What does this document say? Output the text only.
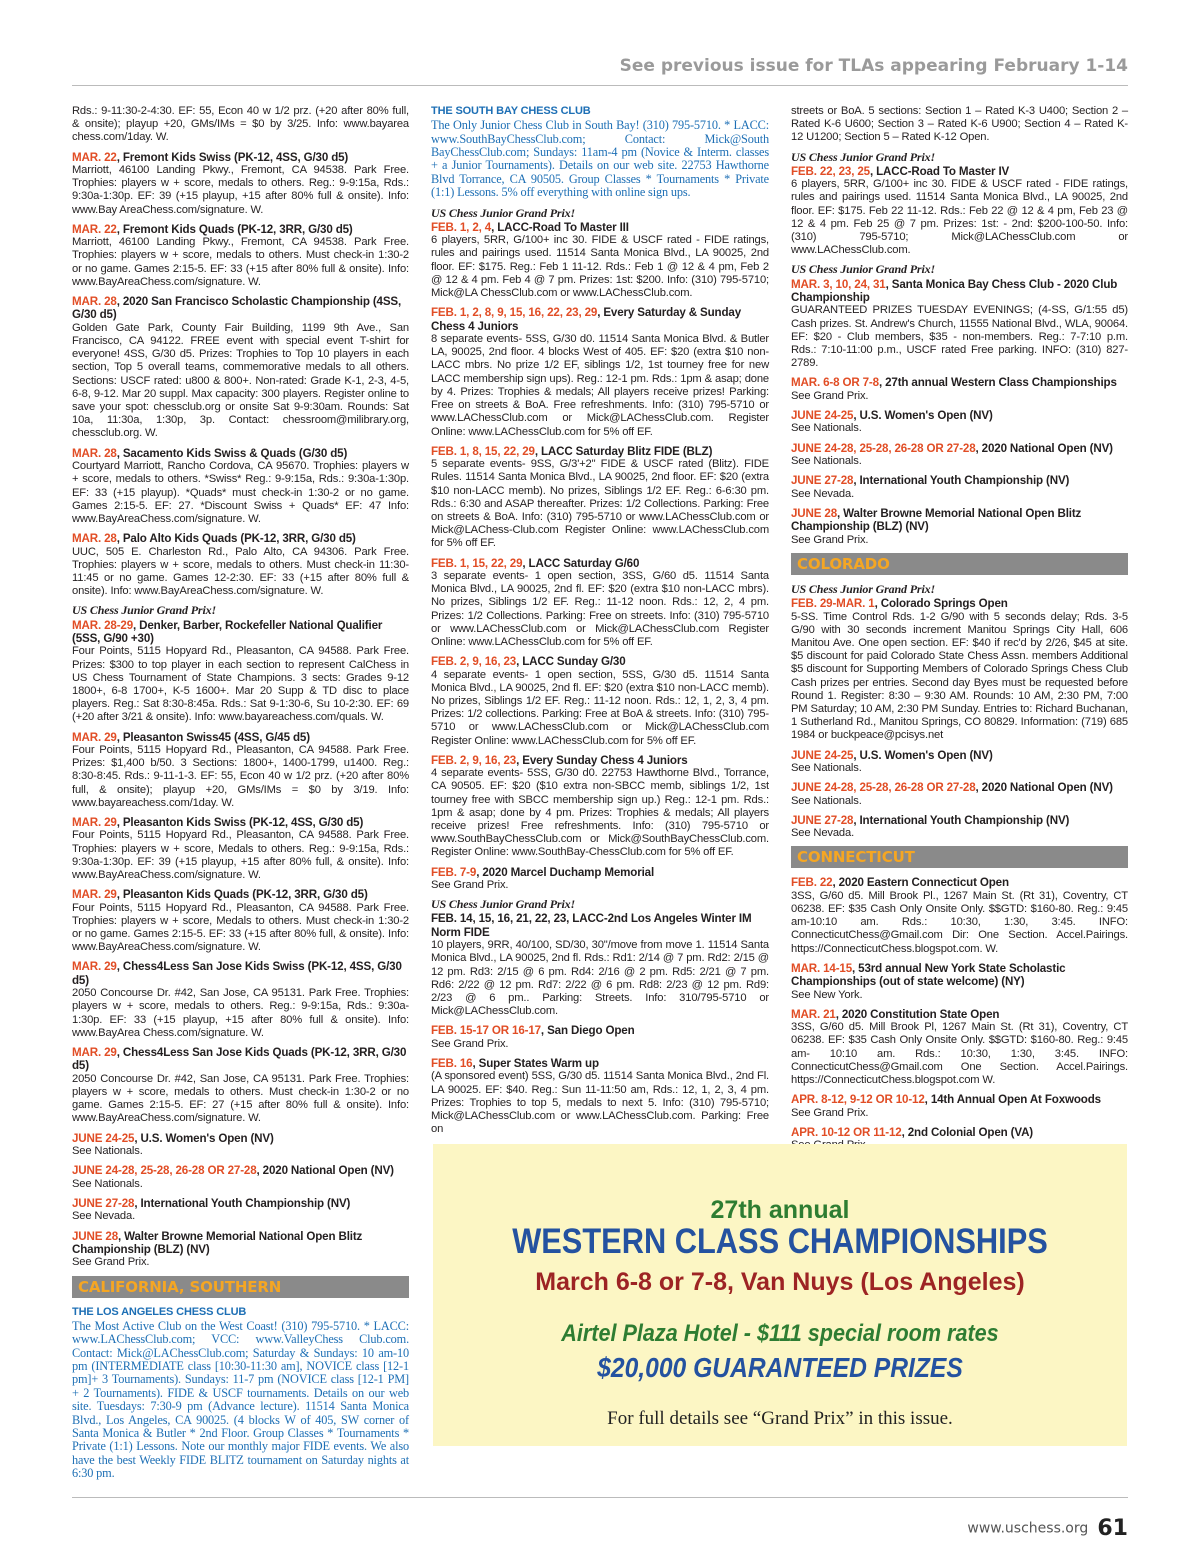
See previous issue for TLAs appearing February 1-14
Rds.: 9-11:30-2-4:30. EF: 55, Econ 40 w 1/2 prz. (+20 after 80% full, & onsite); playup +20, GMs/IMs = $0 by 3/25. Info: www.bayarea chess.com/1day. W.
MAR. 22, Fremont Kids Swiss (PK-12, 4SS, G/30 d5)
Marriott, 46100 Landing Pkwy., Fremont, CA 94538. Park Free. Trophies: players w + score, medals to others. Reg.: 9-9:15a, Rds.: 9:30a-1:30p. EF: 39 (+15 playup, +15 after 80% full & onsite). Info: www.Bay AreaChess.com/signature. W.
MAR. 22, Fremont Kids Quads (PK-12, 3RR, G/30 d5)
Marriott, 46100 Landing Pkwy., Fremont, CA 94538. Park Free. Trophies: players w + score, medals to others. Must check-in 1:30-2 or no game. Games 2:15-5. EF: 33 (+15 after 80% full & onsite). Info: www.BayAreaChess.com/signature. W.
MAR. 28, 2020 San Francisco Scholastic Championship (4SS, G/30 d5)
Golden Gate Park, County Fair Building, 1199 9th Ave., San Francisco, CA 94122. FREE event with special event T-shirt for everyone! 4SS, G/30 d5. Prizes: Trophies to Top 10 players in each section, Top 5 overall teams, commemorative medals to all others. Sections: USCF rated: u800 & 800+. Non-rated: Grade K-1, 2-3, 4-5, 6-8, 9-12. Mar 20 suppl. Max capacity: 300 players. Register online to save your spot: chessclub.org or onsite Sat 9-9:30am. Rounds: Sat 10a, 11:30a, 1:30p, 3p. Contact: chessroom@milibrary.org, chessclub.org. W.
MAR. 28, Sacamento Kids Swiss & Quads (G/30 d5)
Courtyard Marriott, Rancho Cordova, CA 95670. Trophies: players w + score, medals to others. *Swiss* Reg.: 9-9:15a, Rds.: 9:30a-1:30p. EF: 33 (+15 playup). *Quads* must check-in 1:30-2 or no game. Games 2:15-5. EF: 27. *Discount Swiss + Quads* EF: 47 Info: www.BayAreaChess.com/signature. W.
MAR. 28, Palo Alto Kids Quads (PK-12, 3RR, G/30 d5)
UUC, 505 E. Charleston Rd., Palo Alto, CA 94306. Park Free. Trophies: players w + score, medals to others. Must check-in 11:30-11:45 or no game. Games 12-2:30. EF: 33 (+15 after 80% full & onsite). Info: www.BayAreaChess.com/signature. W.
US Chess Junior Grand Prix!
MAR. 28-29, Denker, Barber, Rockefeller National Qualifier (5SS, G/90 +30)
Four Points, 5115 Hopyard Rd., Pleasanton, CA 94588. Park Free. Prizes: $300 to top player in each section to represent CalChess in US Chess Tournament of State Champions. 3 sects: Grades 9-12 1800+, 6-8 1700+, K-5 1600+. Mar 20 Supp & TD disc to place players. Reg.: Sat 8:30-8:45a. Rds.: Sat 9-1:30-6, Su 10-2:30. EF: 69 (+20 after 3/21 & onsite). Info: www.bayareachess.com/quals. W.
MAR. 29, Pleasanton Swiss45 (4SS, G/45 d5)
Four Points, 5115 Hopyard Rd., Pleasanton, CA 94588. Park Free. Prizes: $1,400 b/50. 3 Sections: 1800+, 1400-1799, u1400. Reg.: 8:30-8:45. Rds.: 9-11-1-3. EF: 55, Econ 40 w 1/2 prz. (+20 after 80% full, & onsite); playup +20, GMs/IMs = $0 by 3/19. Info: www.bayareachess.com/1day. W.
MAR. 29, Pleasanton Kids Swiss (PK-12, 4SS, G/30 d5)
Four Points, 5115 Hopyard Rd., Pleasanton, CA 94588. Park Free. Trophies: players w + score, Medals to others. Reg.: 9-9:15a, Rds.: 9:30a-1:30p. EF: 39 (+15 playup, +15 after 80% full, & onsite). Info: www.BayAreaChess.com/signature. W.
MAR. 29, Pleasanton Kids Quads (PK-12, 3RR, G/30 d5)
Four Points, 5115 Hopyard Rd., Pleasanton, CA 94588. Park Free. Trophies: players w + score, Medals to others. Must check-in 1:30-2 or no game. Games 2:15-5. EF: 33 (+15 after 80% full, & onsite). Info: www.BayAreaChess.com/signature. W.
MAR. 29, Chess4Less San Jose Kids Swiss (PK-12, 4SS, G/30 d5)
2050 Concourse Dr. #42, San Jose, CA 95131. Park Free. Trophies: players w + score, medals to others. Reg.: 9-9:15a, Rds.: 9:30a-1:30p. EF: 33 (+15 playup, +15 after 80% full & onsite). Info: www.BayArea Chess.com/signature. W.
MAR. 29, Chess4Less San Jose Kids Quads (PK-12, 3RR, G/30 d5)
2050 Concourse Dr. #42, San Jose, CA 95131. Park Free. Trophies: players w + score, medals to others. Must check-in 1:30-2 or no game. Games 2:15-5. EF: 27 (+15 after 80% full & onsite). Info: www.BayAreaChess.com/signature. W.
JUNE 24-25, U.S. Women's Open (NV)
See Nationals.
JUNE 24-28, 25-28, 26-28 OR 27-28, 2020 National Open (NV)
See Nationals.
JUNE 27-28, International Youth Championship (NV)
See Nevada.
JUNE 28, Walter Browne Memorial National Open Blitz Championship (BLZ) (NV)
See Grand Prix.
CALIFORNIA, SOUTHERN
THE LOS ANGELES CHESS CLUB
The Most Active Club on the West Coast! (310) 795-5710. * LACC: www.LAChessClub.com; VCC: www.ValleyChess Club.com. Contact: Mick@LAChessClub.com; Saturday & Sundays: 10 am-10 pm (INTERMEDIATE class [10:30-11:30 am], NOVICE class [12-1 pm]+ 3 Tournaments). Sundays: 11-7 pm (NOVICE class [12-1 PM] + 2 Tournaments). FIDE & USCF tournaments. Details on our web site. Tuesdays: 7:30-9 pm (Advance lecture). 11514 Santa Monica Blvd., Los Angeles, CA 90025. (4 blocks W of 405, SW corner of Santa Monica & Butler * 2nd Floor. Group Classes * Tournaments * Private (1:1) Lessons. Note our monthly major FIDE events. We also have the best Weekly FIDE BLITZ tournament on Saturday nights at 6:30 pm.
THE SOUTH BAY CHESS CLUB
The Only Junior Chess Club in South Bay! (310) 795-5710. * LACC: www.SouthBayChessClub.com; Contact: Mick@South BayChessClub.com; Sundays: 11am-4 pm (Novice & Interm. classes + a Junior Tournaments). Details on our web site. 22753 Hawthorne Blvd Torrance, CA 90505. Group Classes * Tournaments * Private (1:1) Lessons. 5% off everything with online sign ups.
US Chess Junior Grand Prix!
FEB. 1, 2, 4, LACC-Road To Master III
6 players, 5RR, G/100+ inc 30. FIDE & USCF rated - FIDE ratings, rules and pairings used. 11514 Santa Monica Blvd., LA 90025, 2nd floor. EF: $175. Reg.: Feb 1 11-12. Rds.: Feb 1 @ 12 & 4 pm, Feb 2 @ 12 & 4 pm. Feb 4 @ 7 pm. Prizes: 1st: $200. Info: (310) 795-5710; Mick@LA ChessClub.com or www.LAChessClub.com.
FEB. 1, 2, 8, 9, 15, 16, 22, 23, 29, Every Saturday & Sunday Chess 4 Juniors
8 separate events- 5SS, G/30 d0. 11514 Santa Monica Blvd. & Butler LA, 90025, 2nd floor. 4 blocks West of 405. EF: $20 (extra $10 non-LACC mbrs. No prize 1/2 EF, siblings 1/2, 1st tourney free for new LACC membership sign ups). Reg.: 12-1 pm. Rds.: 1pm & asap; done by 4. Prizes: Trophies & medals; All players receive prizes! Parking: Free on streets & BoA. Free refreshments. Info: (310) 795-5710 or www.LAChessClub.com or Mick@LAChessClub.com. Register Online: www.LAChessClub.com for 5% off EF.
FEB. 1, 8, 15, 22, 29, LACC Saturday Blitz FIDE (BLZ)
5 separate events- 9SS, G/3'+2" FIDE & USCF rated (Blitz). FIDE Rules. 11514 Santa Monica Blvd., LA 90025, 2nd floor. EF: $20 (extra $10 non-LACC memb). No prizes, Siblings 1/2 EF. Reg.: 6-6:30 pm. Rds.: 6:30 and ASAP thereafter. Prizes: 1/2 Collections. Parking: Free on streets & BoA. Info: (310) 795-5710 or www.LAChessClub.com or Mick@LAChess-Club.com Register Online: www.LAChessClub.com for 5% off EF.
FEB. 1, 15, 22, 29, LACC Saturday G/60
3 separate events- 1 open section, 3SS, G/60 d5. 11514 Santa Monica Blvd., LA 90025, 2nd fl. EF: $20 (extra $10 non-LACC mbrs). No prizes, Siblings 1/2 EF. Reg.: 11-12 noon. Rds.: 12, 2, 4 pm. Prizes: 1/2 Collections. Parking: Free on streets. Info: (310) 795-5710 or www.LAChessClub.com or Mick@LAChessClub.com Register Online: www.LAChessClub.com for 5% off EF.
FEB. 2, 9, 16, 23, LACC Sunday G/30
4 separate events- 1 open section, 5SS, G/30 d5. 11514 Santa Monica Blvd., LA 90025, 2nd fl. EF: $20 (extra $10 non-LACC memb). No prizes, Siblings 1/2 EF. Reg.: 11-12 noon. Rds.: 12, 1, 2, 3, 4 pm. Prizes: 1/2 collections. Parking: Free at BoA & streets. Info: (310) 795-5710 or www.LAChessClub.com or Mick@LAChessClub.com Register Online: www.LAChessClub.com for 5% off EF.
FEB. 2, 9, 16, 23, Every Sunday Chess 4 Juniors
4 separate events- 5SS, G/30 d0. 22753 Hawthorne Blvd., Torrance, CA 90505. EF: $20 ($10 extra non-SBCC memb, siblings 1/2, 1st tourney free with SBCC membership sign up.) Reg.: 12-1 pm. Rds.: 1pm & asap; done by 4 pm. Prizes: Trophies & medals; All players receive prizes! Free refreshments. Info: (310) 795-5710 or www.SouthBayChessClub.com or Mick@SouthBayChessClub.com. Register Online: www.SouthBay-ChessClub.com for 5% off EF.
FEB. 7-9, 2020 Marcel Duchamp Memorial
See Grand Prix.
US Chess Junior Grand Prix!
FEB. 14, 15, 16, 21, 22, 23, LACC-2nd Los Angeles Winter IM Norm FIDE
10 players, 9RR, 40/100, SD/30, 30"/move from move 1. 11514 Santa Monica Blvd., LA 90025, 2nd fl. Rds.: Rd1: 2/14 @ 7 pm. Rd2: 2/15 @ 12 pm. Rd3: 2/15 @ 6 pm. Rd4: 2/16 @ 2 pm. Rd5: 2/21 @ 7 pm. Rd6: 2/22 @ 12 pm. Rd7: 2/22 @ 6 pm. Rd8: 2/23 @ 12 pm. Rd9: 2/23 @ 6 pm.. Parking: Streets. Info: 310/795-5710 or Mick@LAChessClub.com.
FEB. 15-17 OR 16-17, San Diego Open
See Grand Prix.
FEB. 16, Super States Warm up
(A sponsored event) 5SS, G/30 d5. 11514 Santa Monica Blvd., 2nd Fl. LA 90025. EF: $40. Reg.: Sun 11-11:50 am, Rds.: 12, 1, 2, 3, 4 pm. Prizes: Trophies to top 5, medals to next 5. Info: (310) 795-5710; Mick@LAChessClub.com or www.LAChessClub.com. Parking: Free on
streets or BoA. 5 sections: Section 1 – Rated K-3 U400; Section 2 – Rated K-6 U600; Section 3 – Rated K-6 U900; Section 4 – Rated K-12 U1200; Section 5 – Rated K-12 Open.
US Chess Junior Grand Prix!
FEB. 22, 23, 25, LACC-Road To Master IV
6 players, 5RR, G/100+ inc 30. FIDE & USCF rated - FIDE ratings, rules and pairings used. 11514 Santa Monica Blvd., LA 90025, 2nd floor. EF: $175. Feb 22 11-12. Rds.: Feb 22 @ 12 & 4 pm, Feb 23 @ 12 & 4 pm. Feb 25 @ 7 pm. Prizes: 1st: - 2nd: $200-100-50. Info: (310) 795-5710; Mick@LAChessClub.com or www.LAChessClub.com.
US Chess Junior Grand Prix!
MAR. 3, 10, 24, 31, Santa Monica Bay Chess Club - 2020 Club Championship
GUARANTEED PRIZES TUESDAY EVENINGS; (4-SS, G/1:55 d5) Cash prizes. St. Andrew's Church, 11555 National Blvd., WLA, 90064. EF: $20 - Club members, $35 - non-members. Reg.: 7-7:10 p.m. Rds.: 7:10-11:00 p.m., USCF rated Free parking. INFO: (310) 827-2789.
MAR. 6-8 OR 7-8, 27th annual Western Class Championships
See Grand Prix.
JUNE 24-25, U.S. Women's Open (NV)
See Nationals.
JUNE 24-28, 25-28, 26-28 OR 27-28, 2020 National Open (NV)
See Nationals.
JUNE 27-28, International Youth Championship (NV)
See Nevada.
JUNE 28, Walter Browne Memorial National Open Blitz Championship (BLZ) (NV)
See Grand Prix.
COLORADO
US Chess Junior Grand Prix!
FEB. 29-MAR. 1, Colorado Springs Open
5-SS. Time Control Rds. 1-2 G/90 with 5 seconds delay; Rds. 3-5 G/90 with 30 seconds increment Manitou Springs City Hall, 606 Manitou Ave. One open section. EF: $40 if rec'd by 2/26, $45 at site. $5 discount for paid Colorado State Chess Assn. members Additional $5 discount for Supporting Members of Colorado Springs Chess Club Cash prizes per entries. Second day Byes must be requested before Round 1. Register: 8:30 – 9:30 AM. Rounds: 10 AM, 2:30 PM, 7:00 PM Saturday; 10 AM, 2:30 PM Sunday. Entries to: Richard Buchanan, 1 Sutherland Rd., Manitou Springs, CO 80829. Information: (719) 685 1984 or buckpeace@pcisys.net
JUNE 24-25, U.S. Women's Open (NV)
See Nationals.
JUNE 24-28, 25-28, 26-28 OR 27-28, 2020 National Open (NV)
See Nationals.
JUNE 27-28, International Youth Championship (NV)
See Nevada.
CONNECTICUT
FEB. 22, 2020 Eastern Connecticut Open
3SS, G/60 d5. Mill Brook Pl., 1267 Main St. (Rt 31), Coventry, CT 06238. EF: $35 Cash Only Onsite Only. $$GTD: $160-80. Reg.: 9:45 am-10:10 am. Rds.: 10:30, 1:30, 3:45. INFO: ConnecticutChess@Gmail.com Dir: One Section. Accel.Pairings. https://ConnecticutChess.blogspot.com. W.
MAR. 14-15, 53rd annual New York State Scholastic Championships (out of state welcome) (NY)
See New York.
MAR. 21, 2020 Constitution State Open
3SS, G/60 d5. Mill Brook Pl, 1267 Main St. (Rt 31), Coventry, CT 06238. EF: $35 Cash Only Onsite Only. $$GTD: $160-80. Reg.: 9:45 am- 10:10 am. Rds.: 10:30, 1:30, 3:45. INFO: ConnecticutChess@Gmail.com One Section. Accel.Pairings. https://ConnecticutChess.blogspot.com W.
APR. 8-12, 9-12 OR 10-12, 14th Annual Open At Foxwoods
See Grand Prix.
APR. 10-12 OR 11-12, 2nd Colonial Open (VA)
27th annual
WESTERN CLASS CHAMPIONSHIPS
March 6-8 or 7-8, Van Nuys (Los Angeles)
Airtel Plaza Hotel - $111 special room rates
$20,000 GUARANTEED PRIZES
For full details see “Grand Prix” in this issue.
www.uschess.org 61
